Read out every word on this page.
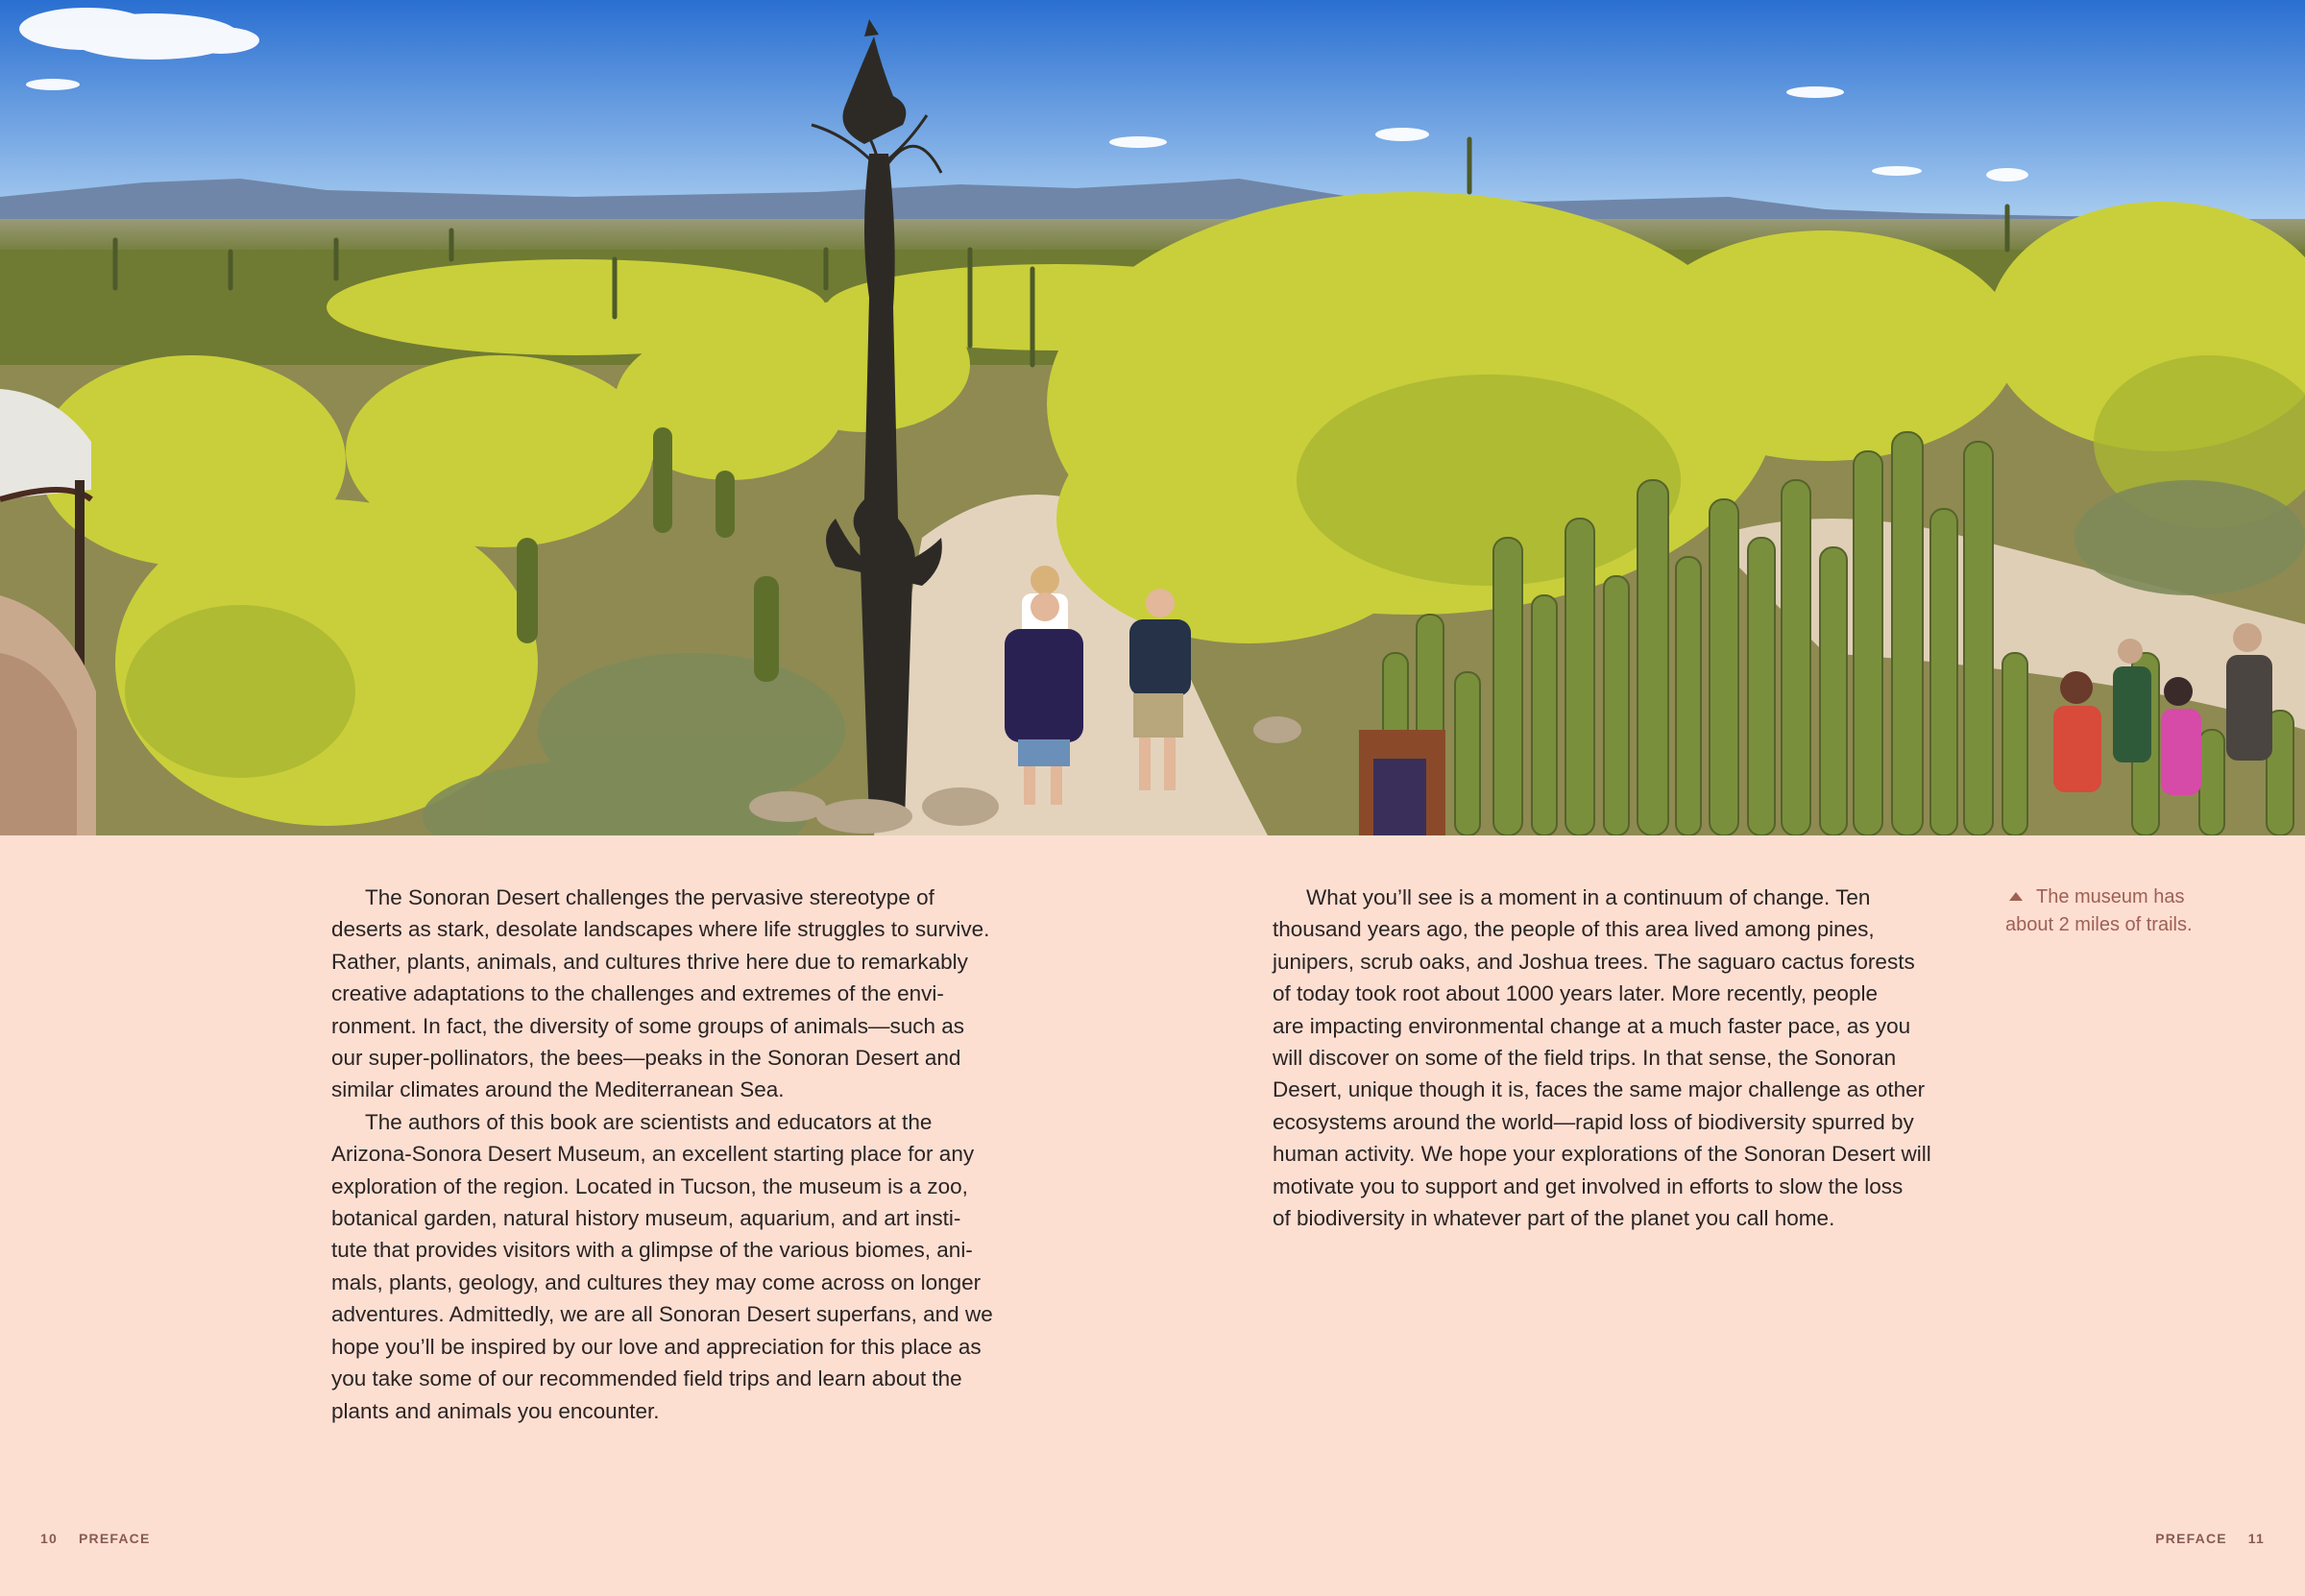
The Sonoran Desert challenges the pervasive stereotype of
deserts as stark, desolate landscapes where life struggles to survive.
Rather, plants, animals, and cultures thrive here due to remarkably
creative adaptations to the challenges and extremes of the envi-
ronment. In fact, the diversity of some groups of animals—such as
our super-pollinators, the bees—peaks in the Sonoran Desert and
similar climates around the Mediterranean Sea.

The authors of this book are scientists and educators at the
Arizona-Sonora Desert Museum, an excellent starting place for any
exploration of the region. Located in Tucson, the museum is a zoo,
botanical garden, natural history museum, aquarium, and art insti-
tute that provides visitors with a glimpse of the various biomes, ani-
mals, plants, geology, and cultures they may come across on longer
adventures. Admittedly, we are all Sonoran Desert superfans, and we
hope you’ll be inspired by our love and appreciation for this place as
you take some of our recommended field trips and learn about the
plants and animals you encounter.

What you’ll see is a moment in a continuum of change. Ten
thousand years ago, the people of this area lived among pines,
junipers, scrub oaks, and Joshua trees. The saguaro cactus forests
of today took root about 1000 years later. More recently, people
are impacting environmental change at a much faster pace, as you
will discover on some of the field trips. In that sense, the Sonoran
Desert, unique though it is, faces the same major challenge as other
ecosystems around the world—rapid loss of biodiversity spurred by
human activity. We hope your explorations of the Sonoran Desert will
motivate you to support and get involved in efforts to slow the loss
of biodiversity in whatever part of the planet you call home.

The museum has
about 2 miles of trails.
10 PREFACE	PREFACE 11
